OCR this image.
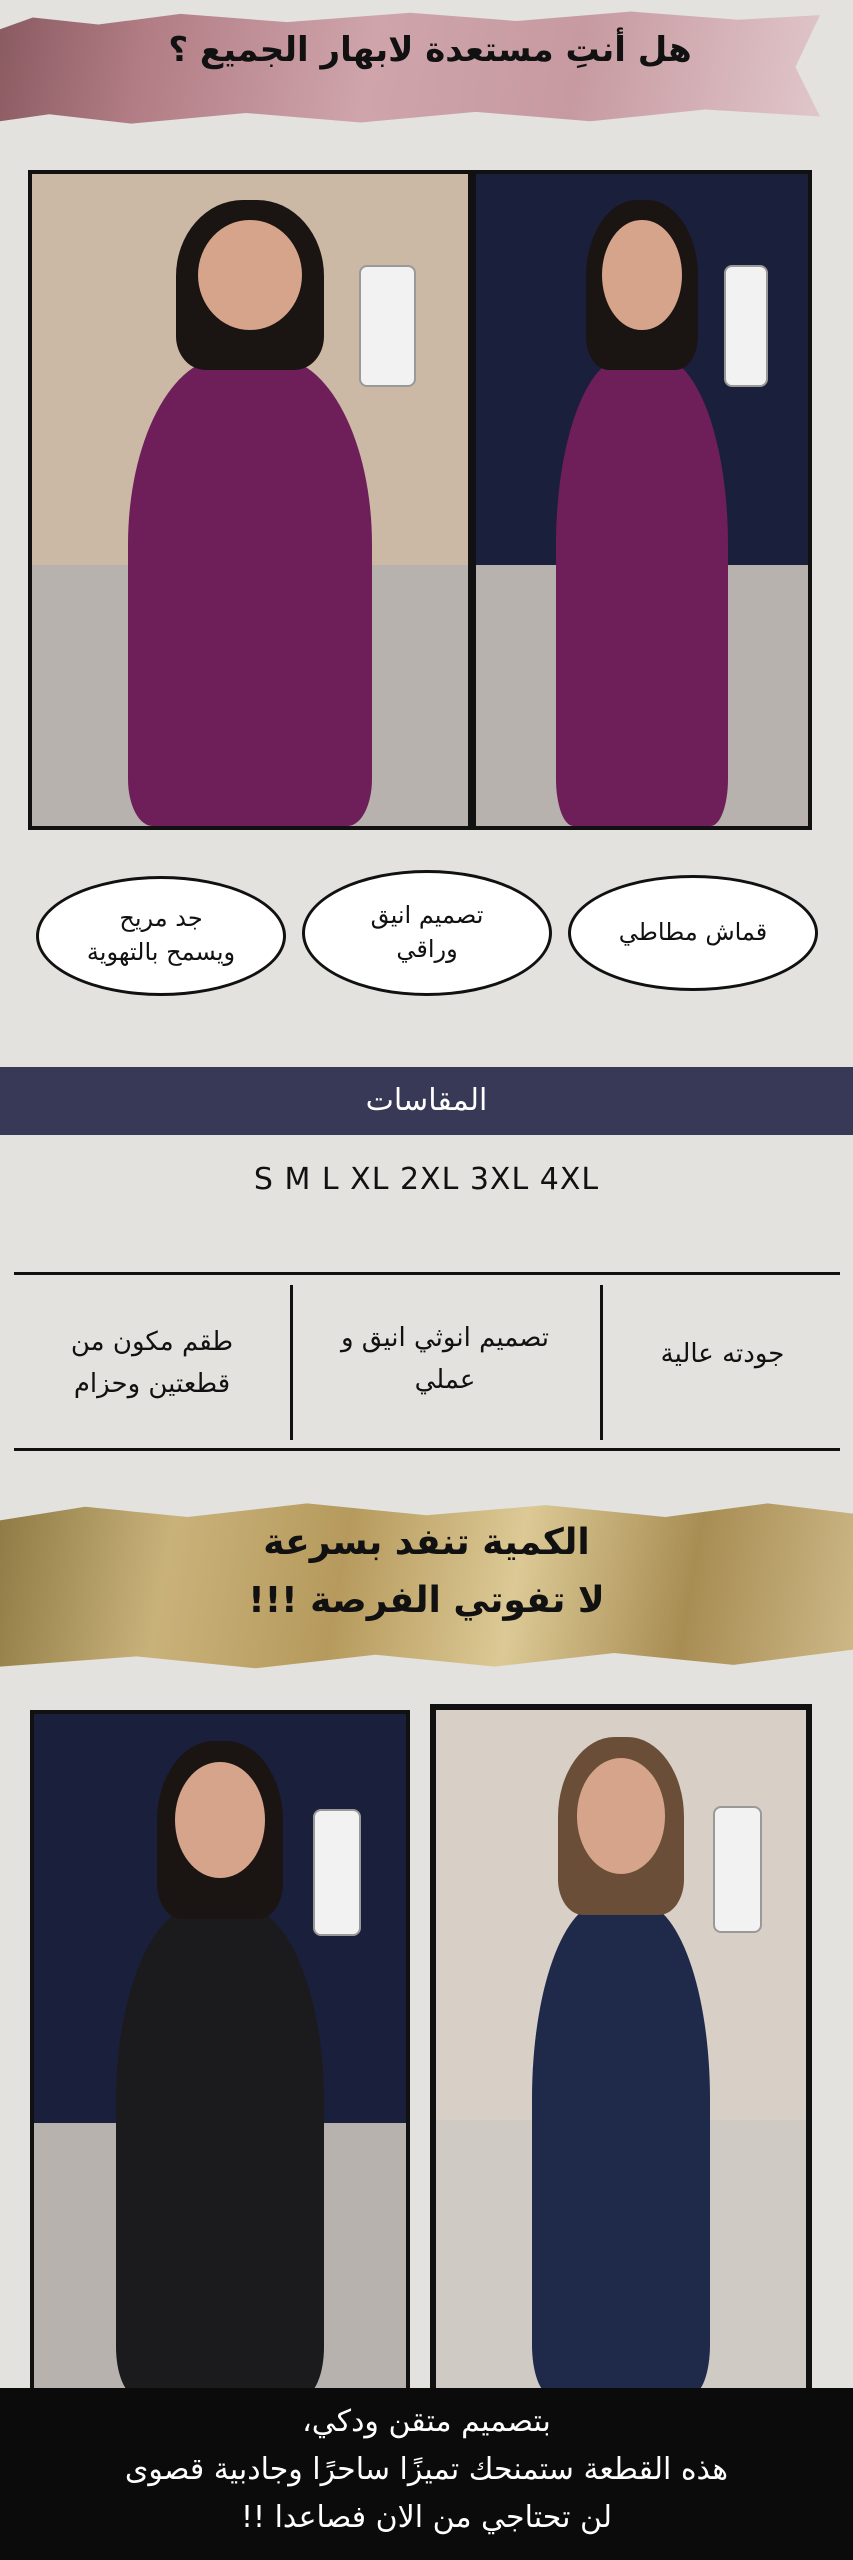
هل أنتِ مستعدة لابهار الجميع ؟
قماش مطاطي
تصميم انيق
وراقي
جد مريح
ويسمح بالتهوية
المقاسات
S M L XL 2XL 3XL 4XL
جودته عالية
تصميم انوثي انيق و
عملي
طقم مكون من
قطعتين وحزام
الكمية تنفد بسرعة
لا تفوتي الفرصة !!!
بتصميم متقن ودكي،
هذه القطعة ستمنحك تميزًا ساحرًا وجادبية قصوى
لن تحتاجي من الان فصاعدا !!
